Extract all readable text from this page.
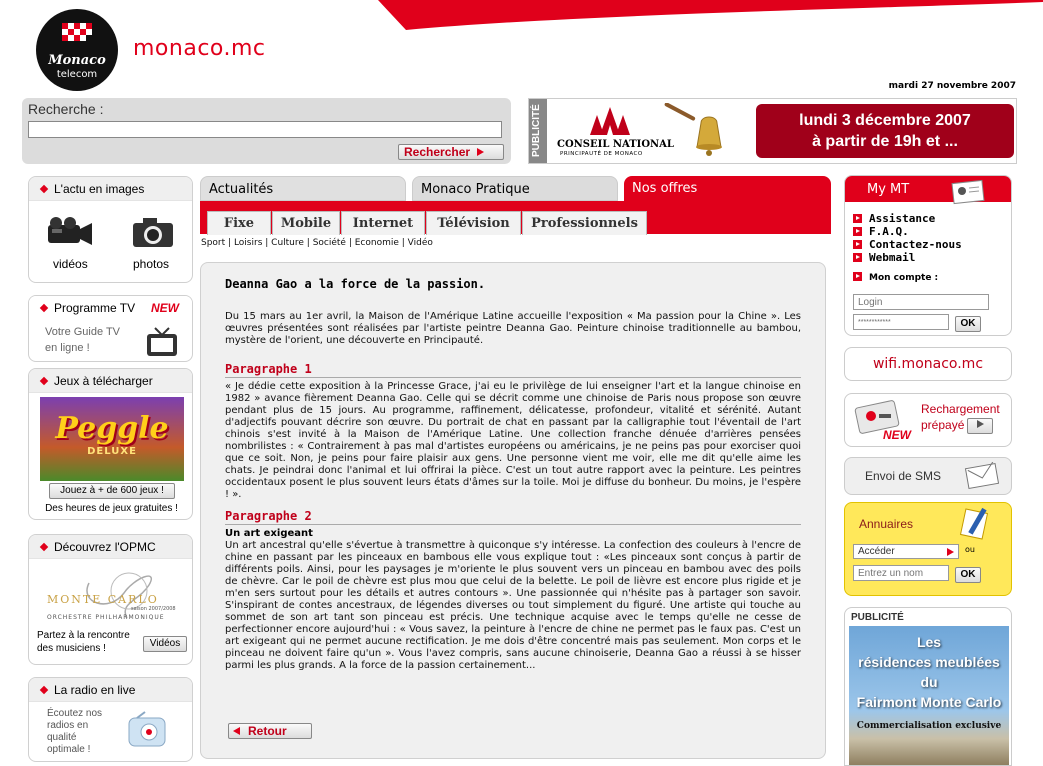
Monaco
telecom
monaco.mc
mardi 27 novembre 2007
Recherche :
Rechercher	PUBLICITÉ CONSEIL NATIONAL
PRINCIPAUTÉ DE MONACO
lundi 3 décembre 2007
à partir de 19h et ...
L'actu en images
vidéos	photos
Programme TV	NEW
Votre Guide TV
en ligne !
Jeux à télécharger
Peggle
DELUXE
Jouez à + de 600 jeux !
Des heures de jeux gratuites !
Découvrez l'OPMC
MONTE CARLO
saison 2007/2008
ORCHESTRE PHILHARMONIQUE
Partez à la rencontre
des musiciens !	Vidéos
La radio en live
Écoutez nos
radios en
qualité
optimale !
Actualités	Monaco Pratique	Nos offres
Fixe	Mobile	Internet	Télévision	Professionnels
Sport | Loisirs | Culture | Société | Economie | Vidéo
Deanna Gao a la force de la passion.

Du 15 mars au 1er avril, la Maison de l'Amérique Latine accueille l'exposition « Ma passion pour la Chine ». Les œuvres présentées sont réalisées par l'artiste peintre Deanna Gao. Peinture chinoise traditionnelle au bambou, mystère de l'orient, une découverte en Principauté.

Paragraphe 1

« Je dédie cette exposition à la Princesse Grace, j'ai eu le privilège de lui enseigner l'art et la langue chinoise en 1982 » avance fièrement Deanna Gao. Celle qui se décrit comme une chinoise de Paris nous propose son œuvre pendant plus de 15 jours. Au programme, raffinement, délicatesse, profondeur, vitalité et sérénité. Autant d'adjectifs pouvant décrire son œuvre. Du portrait de chat en passant par la calligraphie tout l'éventail de l'art chinois s'est invité à la Maison de l'Amérique Latine. Une collection franche dénuée d'arrières pensées nombrilistes : « Contrairement à pas mal d'artistes européens ou américains, je ne peins pas pour exorciser quoi que ce soit. Non, je peins pour faire plaisir aux gens. Une personne vient me voir, elle me dit qu'elle aime les chats. Je peindrai donc l'animal et lui offrirai la pièce. C'est un tout autre rapport avec la peinture. Les peintres occidentaux posent le plus souvent leurs états d'âmes sur la toile. Moi je diffuse du bonheur. Du moins, je l'espère ! ».

Paragraphe 2
Un art exigeant

Un art ancestral qu'elle s'évertue à transmettre à quiconque s'y intéresse. La confection des couleurs à l'encre de chine en passant par les pinceaux en bambous elle vous explique tout : «Les pinceaux sont conçus à partir de différents poils. Ainsi, pour les paysages je m'oriente le plus souvent vers un pinceau en bambou avec des poils de chèvre. Car le poil de chèvre est plus mou que celui de la belette. Le poil de lièvre est encore plus rigide et je m'en sers surtout pour les détails et autres contours ». Une passionnée qui n'hésite pas à partager son savoir. S'inspirant de contes ancestraux, de légendes diverses ou tout simplement du figuré. Une artiste qui touche au sommet de son art tant son pinceau est précis. Une technique acquise avec le temps qu'elle ne cesse de perfectionner encore aujourd'hui : « Vous savez, la peinture à l'encre de chine ne permet pas le faux pas. C'est un art exigeant qui ne permet aucune rectification. Je me dois d'être concentré mais pas seulement. Mon corps et le pinceau ne doivent faire qu'un ». Vous l'avez compris, sans aucune chinoiserie, Deanna Gao a réussi à se hisser parmi les plus grands. A la force de la passion certainement...

Retour
My MT
Assistance
F.A.Q.
Contactez-nous
Webmail
Mon compte :
Login
************
OK
wifi.monaco.mc
NEW
Rechargement
prépayé
Envoi de SMS
Annuaires
Accéder	ou
Entrez un nom
OK
PUBLICITÉ
Les
résidences meublées
du
Fairmont Monte Carlo
Commercialisation exclusive
